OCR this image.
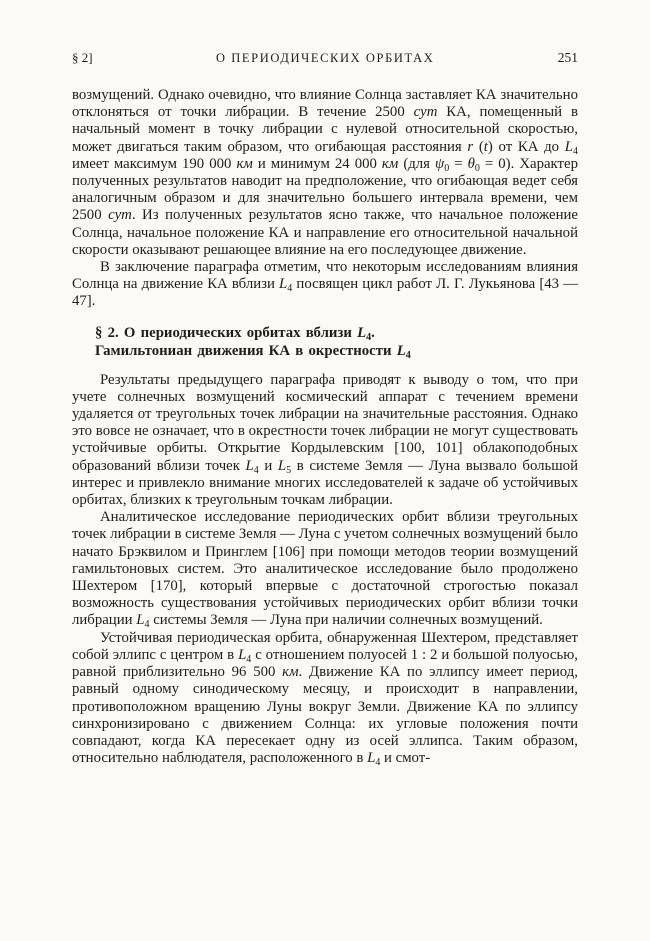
§ 2]	О ПЕРИОДИЧЕСКИХ ОРБИТАХ	251

возмущений. Однако очевидно, что влияние Солнца заставляет КА значительно отклоняться от точки либрации. В течение 2500 сут КА, помещенный в начальный момент в точку либрации с нулевой относительной скоростью, может двигаться таким образом, что огибающая расстояния r (t) от КА до $L_4$ имеет максимум 190 000 км и минимум 24 000 км (для $\psi_0 = \theta_0 = 0$). Характер полученных результатов наводит на предположение, что огибающая ведет себя аналогичным образом и для значительно большего интервала времени, чем 2500 сут. Из полученных результатов ясно также, что начальное положение Солнца, начальное положение КА и направление его относительной начальной скорости оказывают решающее влияние на его последующее движение.

В заключение параграфа отметим, что некоторым исследованиям влияния Солнца на движение КА вблизи $L_4$ посвящен цикл работ Л. Г. Лукьянова [43 — 47].

§ 2. О периодических орбитах вблизи $L_4$.
Гамильтониан движения КА в окрестности $L_4$

Результаты предыдущего параграфа приводят к выводу о том, что при учете солнечных возмущений космический аппарат с течением времени удаляется от треугольных точек либрации на значительные расстояния. Однако это вовсе не означает, что в окрестности точек либрации не могут существовать устойчивые орбиты. Открытие Кордылевским [100, 101] облакоподобных образований вблизи точек $L_4$ и $L_5$ в системе Земля — Луна вызвало большой интерес и привлекло внимание многих исследователей к задаче об устойчивых орбитах, близких к треугольным точкам либрации.

Аналитическое исследование периодических орбит вблизи треугольных точек либрации в системе Земля — Луна с учетом солнечных возмущений было начато Брэквилом и Принглем [106] при помощи методов теории возмущений гамильтоновых систем. Это аналитическое исследование было продолжено Шехтером [170], который впервые с достаточной строгостью показал возможность существования устойчивых периодических орбит вблизи точки либрации $L_4$ системы Земля — Луна при наличии солнечных возмущений.

Устойчивая периодическая орбита, обнаруженная Шехтером, представляет собой эллипс с центром в $L_4$ с отношением полуосей 1 : 2 и большой полуосью, равной приблизительно 96 500 км. Движение КА по эллипсу имеет период, равный одному синодическому месяцу, и происходит в направлении, противоположном вращению Луны вокруг Земли. Движение КА по эллипсу синхронизировано с движением Солнца: их угловые положения почти совпадают, когда КА пересекает одну из осей эллипса. Таким образом, относительно наблюдателя, расположенного в $L_4$ и смот-
